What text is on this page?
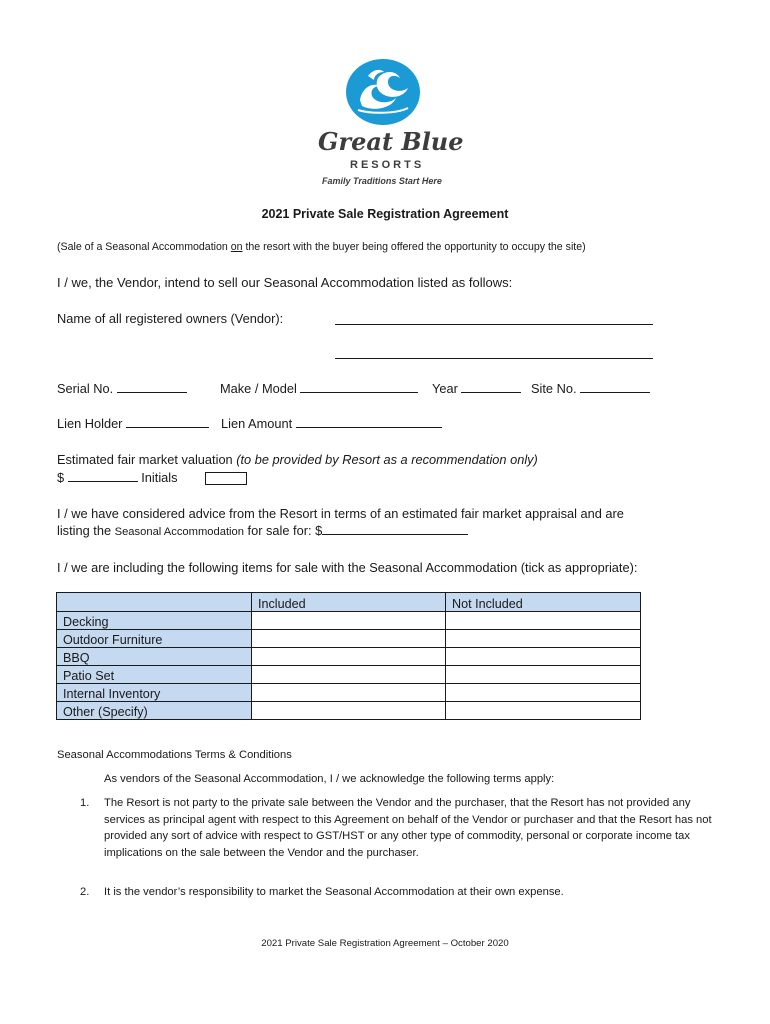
Great Blue
RESORTS
Family Traditions Start Here
2021 Private Sale Registration Agreement
(Sale of a Seasonal Accommodation on the resort with the buyer being offered the opportunity to occupy the site)
I / we, the Vendor, intend to sell our Seasonal Accommodation listed as follows:
Name of all registered owners (Vendor):
Serial No.	Make / Model	Year	Site No.
Lien Holder	Lien Amount
Estimated fair market valuation (to be provided by Resort as a recommendation only)
$	Initials
I / we have considered advice from the Resort in terms of an estimated fair market appraisal and are
listing the Seasonal Accommodation for sale for: $
I / we are including the following items for sale with the Seasonal Accommodation (tick as appropriate):
	Included	Not Included
Decking		
Outdoor Furniture		
BBQ		
Patio Set		
Internal Inventory		
Other (Specify)		
Seasonal Accommodations Terms & Conditions
As vendors of the Seasonal Accommodation, I / we acknowledge the following terms apply:
1. The Resort is not party to the private sale between the Vendor and the purchaser, that the Resort has not provided any services as principal agent with respect to this Agreement on behalf of the Vendor or purchaser and that the Resort has not provided any sort of advice with respect to GST/HST or any other type of commodity, personal or corporate income tax implications on the sale between the Vendor and the purchaser.
2. It is the vendor’s responsibility to market the Seasonal Accommodation at their own expense.
2021 Private Sale Registration Agreement – October 2020
